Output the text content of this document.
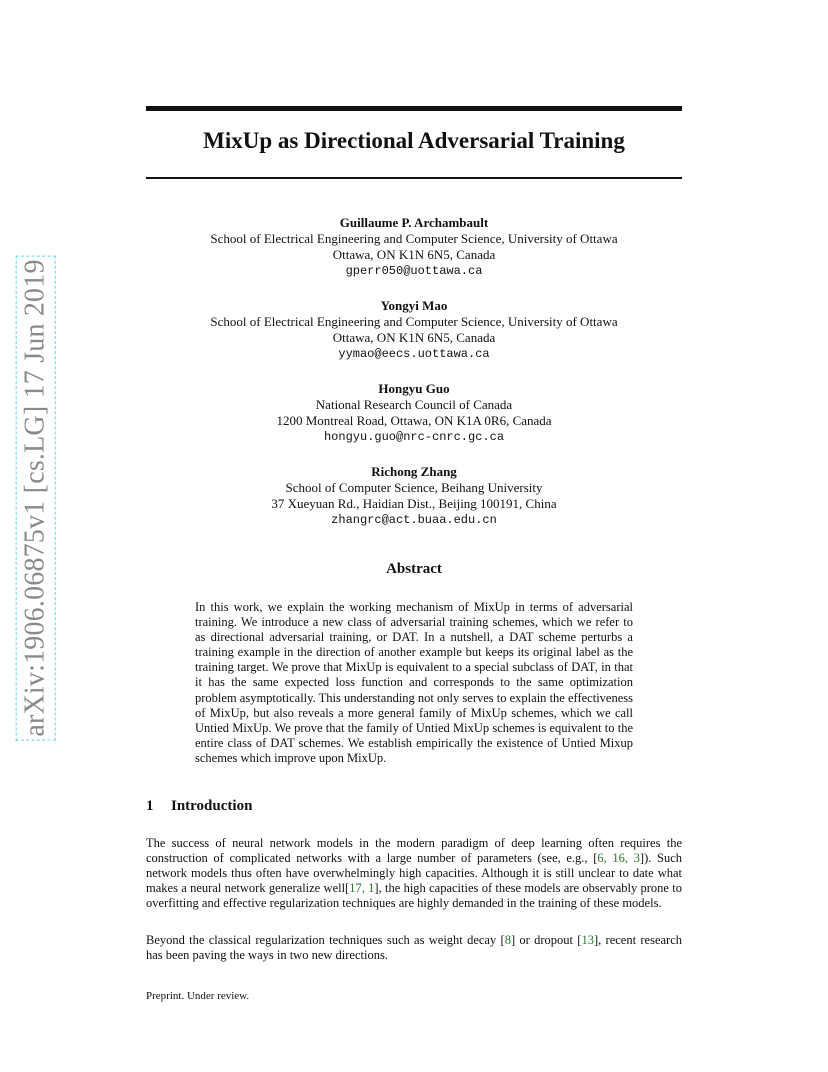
arXiv:1906.06875v1 [cs.LG] 17 Jun 2019
MixUp as Directional Adversarial Training
Guillaume P. Archambault
School of Electrical Engineering and Computer Science, University of Ottawa
Ottawa, ON K1N 6N5, Canada
gperr050@uottawa.ca
Yongyi Mao
School of Electrical Engineering and Computer Science, University of Ottawa
Ottawa, ON K1N 6N5, Canada
yymao@eecs.uottawa.ca
Hongyu Guo
National Research Council of Canada
1200 Montreal Road, Ottawa, ON K1A 0R6, Canada
hongyu.guo@nrc-cnrc.gc.ca
Richong Zhang
School of Computer Science, Beihang University
37 Xueyuan Rd., Haidian Dist., Beijing 100191, China
zhangrc@act.buaa.edu.cn
Abstract

In this work, we explain the working mechanism of MixUp in terms of adversarial training. We introduce a new class of adversarial training schemes, which we refer to as directional adversarial training, or DAT. In a nutshell, a DAT scheme perturbs a training example in the direction of another example but keeps its original label as the training target. We prove that MixUp is equivalent to a special subclass of DAT, in that it has the same expected loss function and corresponds to the same optimization problem asymptotically. This understanding not only serves to explain the effectiveness of MixUp, but also reveals a more general family of MixUp schemes, which we call Untied MixUp. We prove that the family of Untied MixUp schemes is equivalent to the entire class of DAT schemes. We establish empirically the existence of Untied Mixup schemes which improve upon MixUp.

1 Introduction

The success of neural network models in the modern paradigm of deep learning often requires the construction of complicated networks with a large number of parameters (see, e.g., [6, 16, 3]). Such network models thus often have overwhelmingly high capacities. Although it is still unclear to date what makes a neural network generalize well[17, 1], the high capacities of these models are observably prone to overfitting and effective regularization techniques are highly demanded in the training of these models.

Beyond the classical regularization techniques such as weight decay [8] or dropout [13], recent research has been paving the ways in two new directions.

Preprint. Under review.
